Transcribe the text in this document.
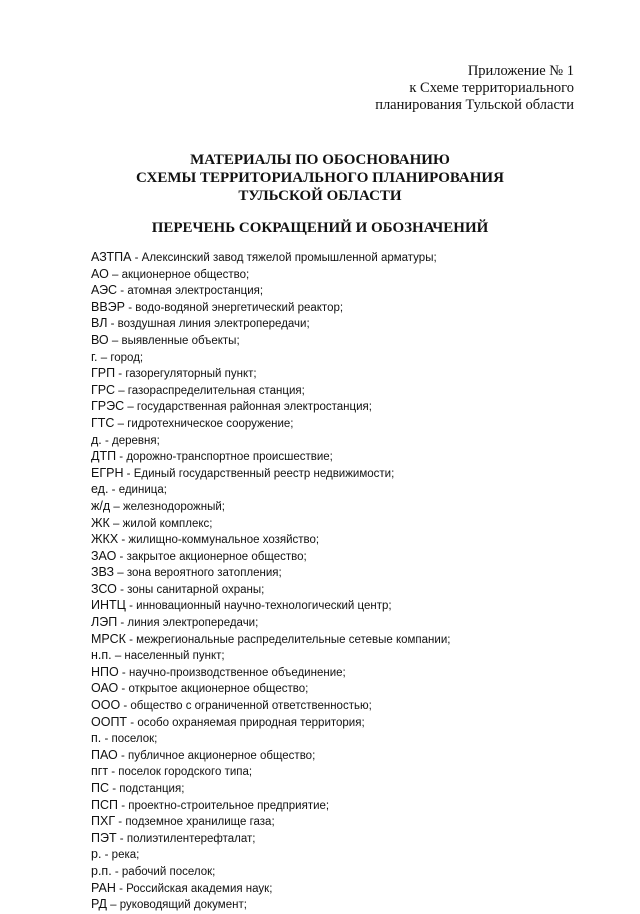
Приложение № 1
к Схеме территориального
планирования Тульской области
МАТЕРИАЛЫ ПО ОБОСНОВАНИЮ
СХЕМЫ ТЕРРИТОРИАЛЬНОГО ПЛАНИРОВАНИЯ
ТУЛЬСКОЙ ОБЛАСТИ
ПЕРЕЧЕНЬ СОКРАЩЕНИЙ И ОБОЗНАЧЕНИЙ
АЗТПА - Алексинский завод тяжелой промышленной арматуры;
АО – акционерное общество;
АЭС - атомная электростанция;
ВВЭР - водо-водяной энергетический реактор;
ВЛ - воздушная линия электропередачи;
ВО – выявленные объекты;
г. – город;
ГРП - газорегуляторный пункт;
ГРС – газораспределительная станция;
ГРЭС – государственная районная электростанция;
ГТС – гидротехническое сооружение;
д. - деревня;
ДТП - дорожно-транспортное происшествие;
ЕГРН - Единый государственный реестр недвижимости;
ед. - единица;
ж/д – железнодорожный;
ЖК – жилой комплекс;
ЖКХ - жилищно-коммунальное хозяйство;
ЗАО - закрытое акционерное общество;
ЗВЗ – зона вероятного затопления;
ЗСО - зоны санитарной охраны;
ИНТЦ - инновационный научно-технологический центр;
ЛЭП - линия электропередачи;
МРСК - межрегиональные распределительные сетевые компании;
н.п. – населенный пункт;
НПО - научно-производственное объединение;
ОАО - открытое акционерное общество;
ООО - общество с ограниченной ответственностью;
ООПТ - особо охраняемая природная территория;
п. - поселок;
ПАО - публичное акционерное общество;
пгт - поселок городского типа;
ПС - подстанция;
ПСП - проектно-строительное предприятие;
ПХГ - подземное хранилище газа;
ПЭТ - полиэтилентерефталат;
р. - река;
р.п. - рабочий поселок;
РАН - Российская академия наук;
РД – руководящий документ;
